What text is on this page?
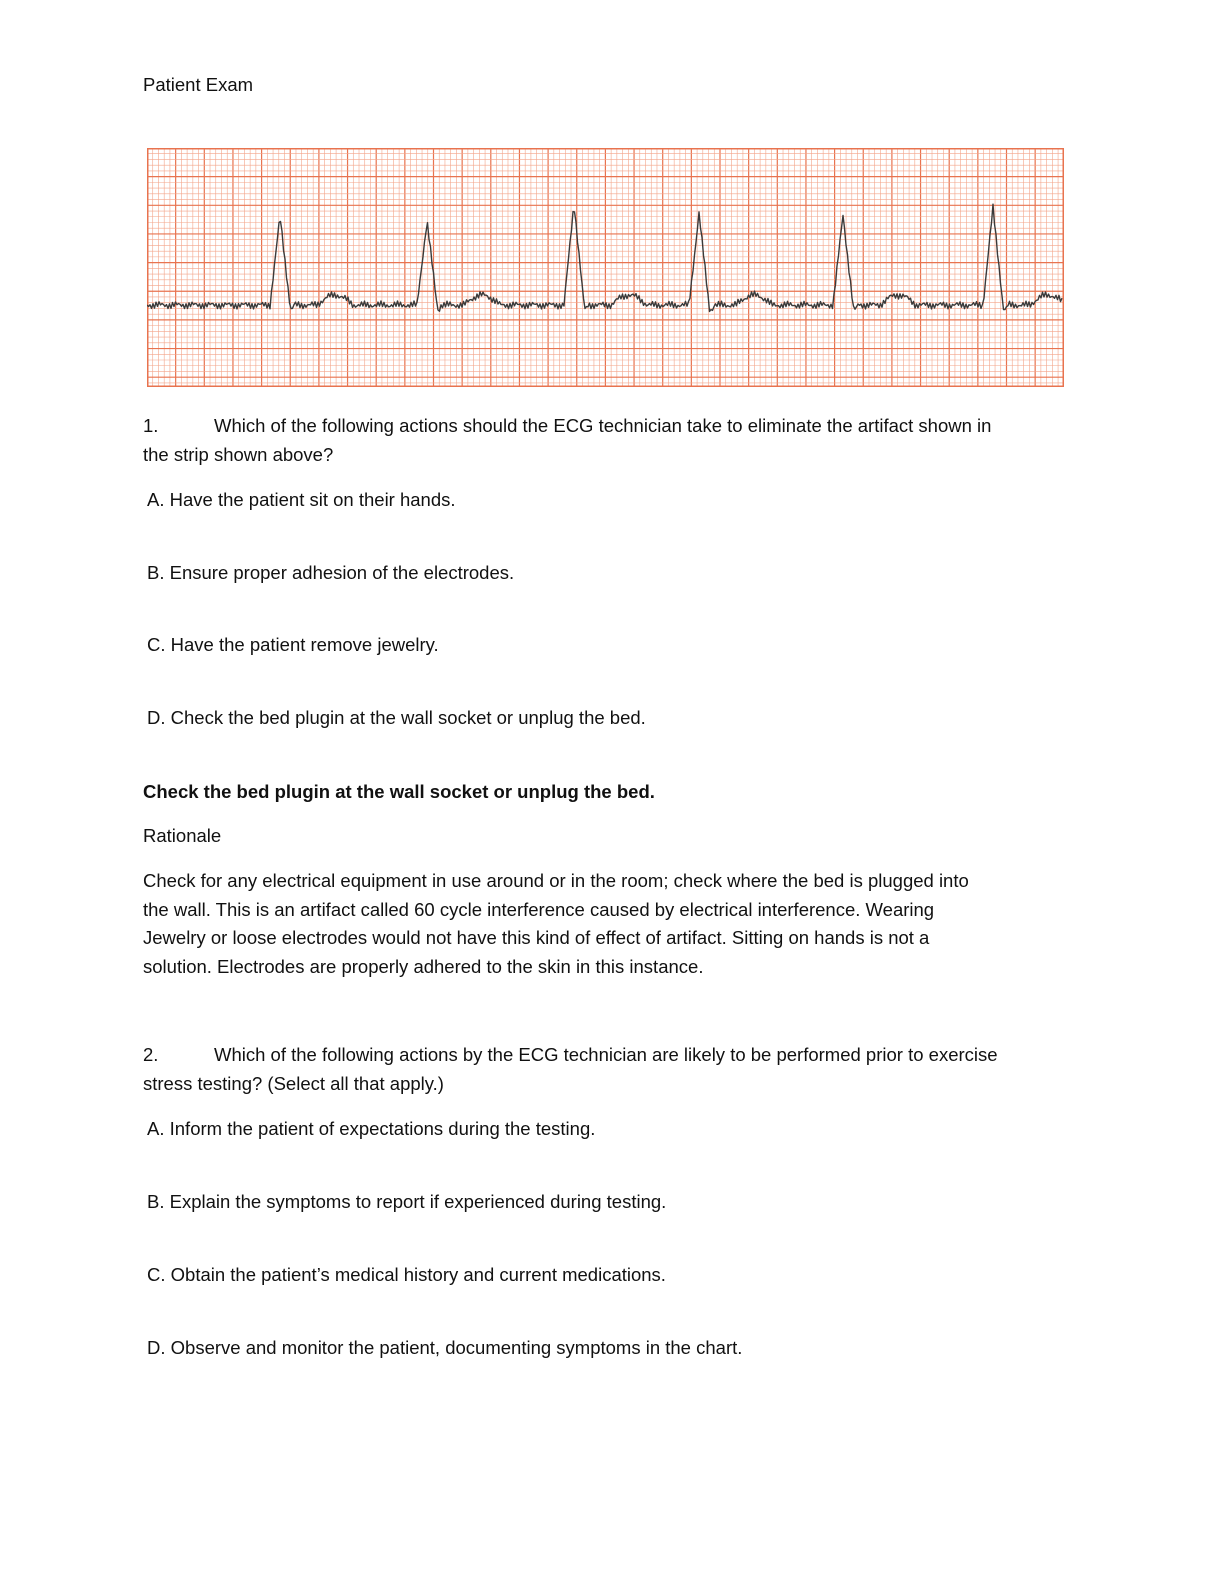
Patient Exam
1.	Which of the following actions should the ECG technician take to eliminate the artifact shown in
the strip shown above?
A. Have the patient sit on their hands.
B. Ensure proper adhesion of the electrodes.
C. Have the patient remove jewelry.
D. Check the bed plugin at the wall socket or unplug the bed.
Check the bed plugin at the wall socket or unplug the bed.
Rationale
Check for any electrical equipment in use around or in the room; check where the bed is plugged into
the wall. This is an artifact called 60 cycle interference caused by electrical interference. Wearing
Jewelry or loose electrodes would not have this kind of effect of artifact. Sitting on hands is not a
solution. Electrodes are properly adhered to the skin in this instance.
2.	Which of the following actions by the ECG technician are likely to be performed prior to exercise
stress testing? (Select all that apply.)
A. Inform the patient of expectations during the testing.
B. Explain the symptoms to report if experienced during testing.
C. Obtain the patient’s medical history and current medications.
D. Observe and monitor the patient, documenting symptoms in the chart.
